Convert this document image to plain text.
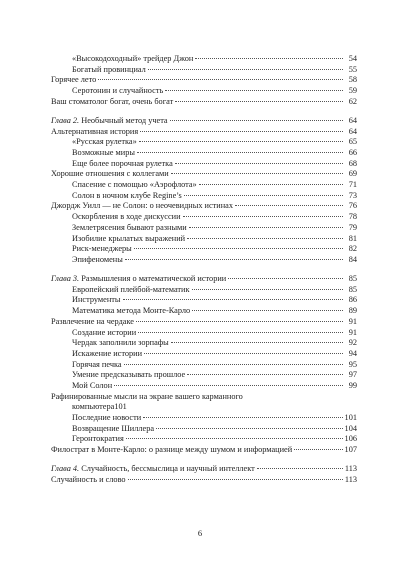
«Высокодоходный» трейдер Джон	54
Богатый провинциал	55
Горячее лето	58
Серотонин и случайность	59
Ваш стоматолог богат, очень богат	62
Глава 2. Необычный метод учета	64
Альтернативная история	64
«Русская рулетка»	65
Возможные миры	66
Еще более порочная рулетка	68
Хорошие отношения с коллегами	69
Спасение с помощью «Аэрофлота»	71
Солон в ночном клубе Regine’s	73
Джордж Уилл — не Солон: о неочевидных истинах	76
Оскорбления в ходе дискуссии	78
Землетрясения бывают разными	79
Изобилие крылатых выражений	81
Риск-менеджеры	82
Эпифеномены	84
Глава 3. Размышления о математической истории	85
Европейский плейбой-математик	85
Инструменты	86
Математика метода Монте-Карло	89
Развлечение на чердаке	91
Создание истории	91
Чердак заполнили зорпафы	92
Искажение истории	94
Горячая печка	95
Умение предсказывать прошлое	97
Мой Солон	99
Рафинированные мысли на экране вашего карманного
компьютера 101
Последние новости	101
Возвращение Шиллера	104
Геронтократия	106
Филострат в Монте-Карло: о разнице между шумом и информацией	107
Глава 4. Случайность, бессмыслица и научный интеллект	113
Случайность и слово	113
6
